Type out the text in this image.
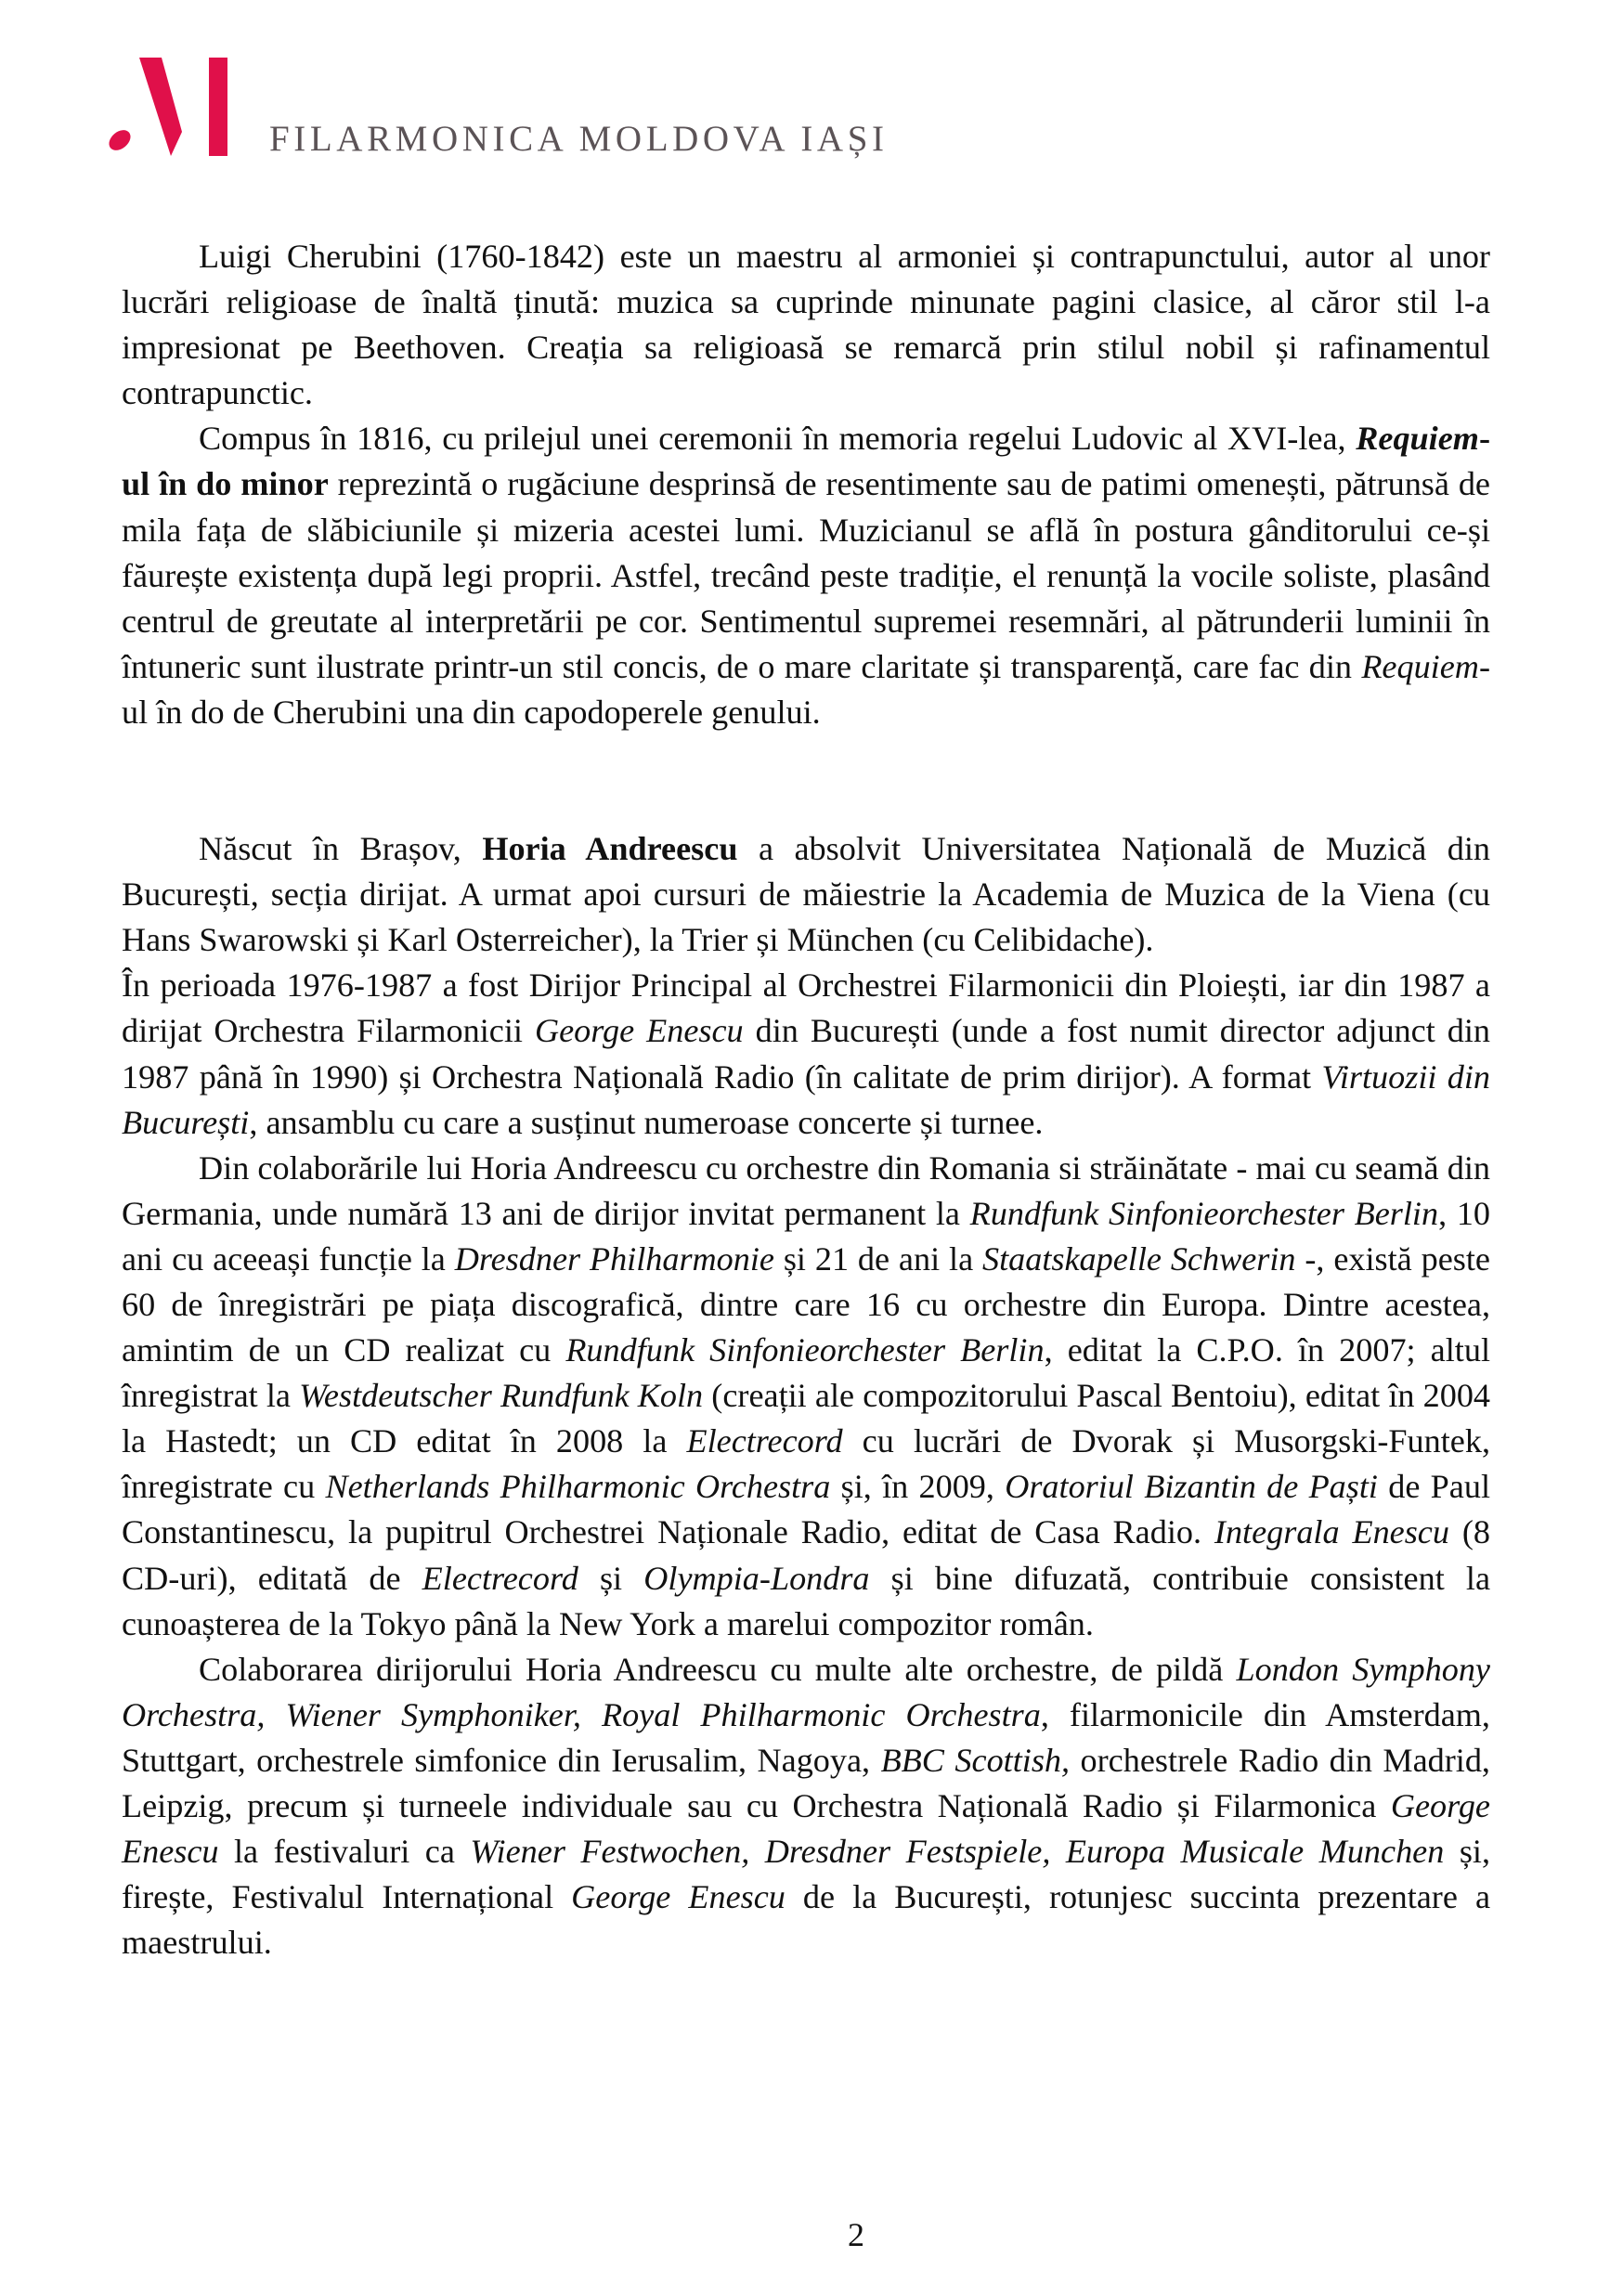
FILARMONICA MOLDOVA IAȘI

Luigi Cherubini (1760-1842) este un maestru al armoniei și contrapunctului, autor al unor lucrări religioase de înaltă ținută: muzica sa cuprinde minunate pagini clasice, al căror stil l-a impresionat pe Beethoven. Creația sa religioasă se remarcă prin stilul nobil și rafinamentul contrapunctic.

Compus în 1816, cu prilejul unei ceremonii în memoria regelui Ludovic al XVI-lea, Requiem-ul în do minor reprezintă o rugăciune desprinsă de resentimente sau de patimi omenești, pătrunsă de mila fața de slăbiciunile și mizeria acestei lumi. Muzicianul se află în postura gânditorului ce-și făurește existența după legi proprii. Astfel, trecând peste tradiție, el renunță la vocile soliste, plasând centrul de greutate al interpretării pe cor. Sentimentul supremei resemnări, al pătrunderii luminii în întuneric sunt ilustrate printr-un stil concis, de o mare claritate și transparență, care fac din Requiem-ul în do de Cherubini una din capodoperele genului.

Născut în Brașov, Horia Andreescu a absolvit Universitatea Națională de Muzică din București, secția dirijat. A urmat apoi cursuri de măiestrie la Academia de Muzica de la Viena (cu Hans Swarowski și Karl Osterreicher), la Trier și München (cu Celibidache).

În perioada 1976-1987 a fost Dirijor Principal al Orchestrei Filarmonicii din Ploiești, iar din 1987 a dirijat Orchestra Filarmonicii George Enescu din București (unde a fost numit director adjunct din 1987 până în 1990) și Orchestra Națională Radio (în calitate de prim dirijor). A format Virtuozii din București, ansamblu cu care a susținut numeroase concerte și turnee.

Din colaborările lui Horia Andreescu cu orchestre din Romania si străinătate - mai cu seamă din Germania, unde numără 13 ani de dirijor invitat permanent la Rundfunk Sinfonieorchester Berlin, 10 ani cu aceeași funcție la Dresdner Philharmonie și 21 de ani la Staatskapelle Schwerin -, există peste 60 de înregistrări pe piața discografică, dintre care 16 cu orchestre din Europa. Dintre acestea, amintim de un CD realizat cu Rundfunk Sinfonieorchester Berlin, editat la C.P.O. în 2007; altul înregistrat la Westdeutscher Rundfunk Koln (creații ale compozitorului Pascal Bentoiu), editat în 2004 la Hastedt; un CD editat în 2008 la Electrecord cu lucrări de Dvorak și Musorgski-Funtek, înregistrate cu Netherlands Philharmonic Orchestra și, în 2009, Oratoriul Bizantin de Paști de Paul Constantinescu, la pupitrul Orchestrei Naționale Radio, editat de Casa Radio. Integrala Enescu (8 CD-uri), editată de Electrecord și Olympia-Londra și bine difuzată, contribuie consistent la cunoașterea de la Tokyo până la New York a marelui compozitor român.

Colaborarea dirijorului Horia Andreescu cu multe alte orchestre, de pildă London Symphony Orchestra, Wiener Symphoniker, Royal Philharmonic Orchestra, filarmonicile din Amsterdam, Stuttgart, orchestrele simfonice din Ierusalim, Nagoya, BBC Scottish, orchestrele Radio din Madrid, Leipzig, precum și turneele individuale sau cu Orchestra Națională Radio și Filarmonica George Enescu la festivaluri ca Wiener Festwochen, Dresdner Festspiele, Europa Musicale Munchen și, firește, Festivalul Internațional George Enescu de la București, rotunjesc succinta prezentare a maestrului.

2
